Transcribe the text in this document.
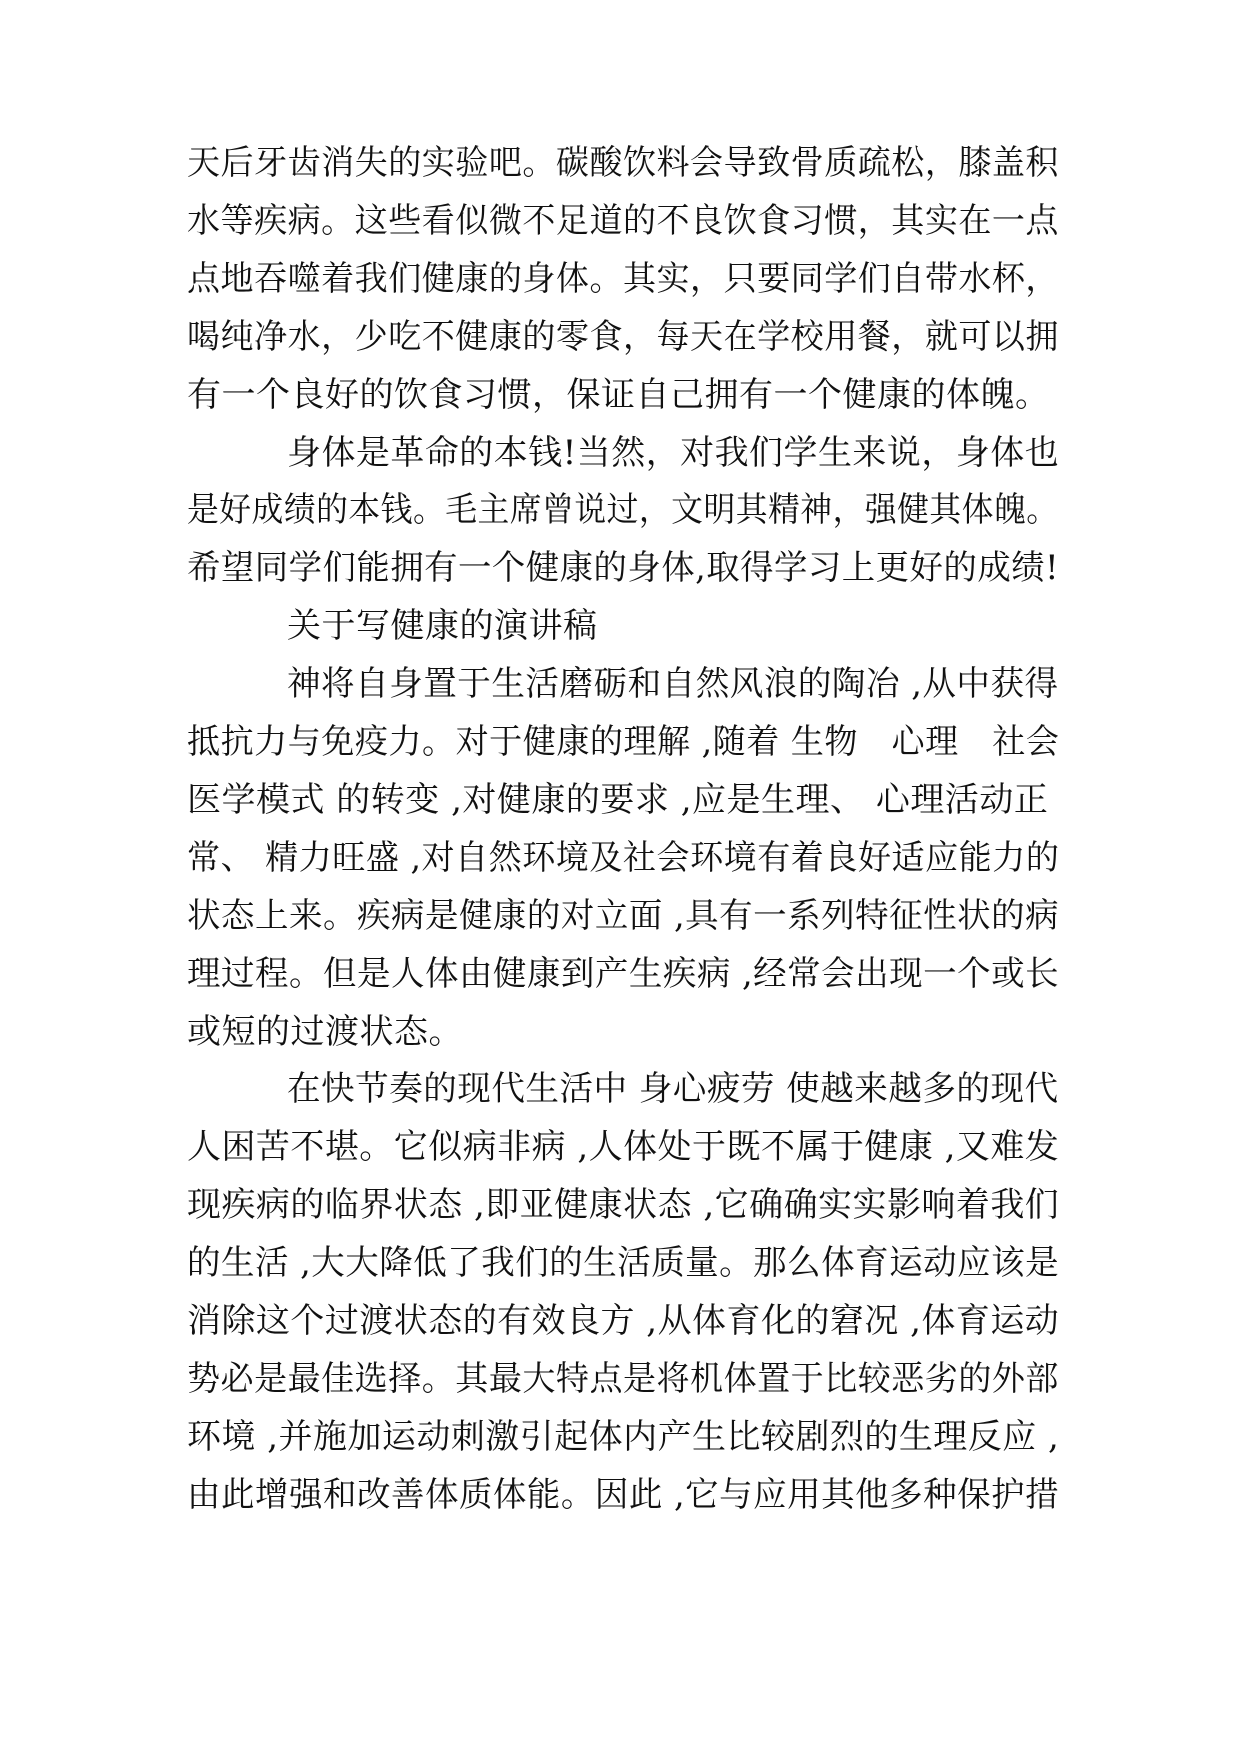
天后牙齿消失的实验吧。碳酸饮料会导致骨质疏松，膝盖积
水等疾病。这些看似微不足道的不良饮食习惯，其实在一点
点地吞噬着我们健康的身体。其实，只要同学们自带水杯，
喝纯净水，少吃不健康的零食，每天在学校用餐，就可以拥
有一个良好的饮食习惯，保证自己拥有一个健康的体魄。
身体是革命的本钱!当然，对我们学生来说，身体也
是好成绩的本钱。毛主席曾说过，文明其精神，强健其体魄。
希望同学们能拥有一个健康的身体,取得学习上更好的成绩!
关于写健康的演讲稿
神将自身置于生活磨砺和自然风浪的陶冶 ,从中获得
抵抗力与免疫力。对于健康的理解 ,随着 生物　心理　社会
医学模式 的转变 ,对健康的要求 ,应是生理、 心理活动正
常、 精力旺盛 ,对自然环境及社会环境有着良好适应能力的
状态上来。疾病是健康的对立面 ,具有一系列特征性状的病
理过程。但是人体由健康到产生疾病 ,经常会出现一个或长
或短的过渡状态。
在快节奏的现代生活中 身心疲劳 使越来越多的现代
人困苦不堪。它似病非病 ,人体处于既不属于健康 ,又难发
现疾病的临界状态 ,即亚健康状态 ,它确确实实影响着我们
的生活 ,大大降低了我们的生活质量。那么体育运动应该是
消除这个过渡状态的有效良方 ,从体育化的窘况 ,体育运动
势必是最佳选择。其最大特点是将机体置于比较恶劣的外部
环境 ,并施加运动刺激引起体内产生比较剧烈的生理反应 ,
由此增强和改善体质体能。因此 ,它与应用其他多种保护措
